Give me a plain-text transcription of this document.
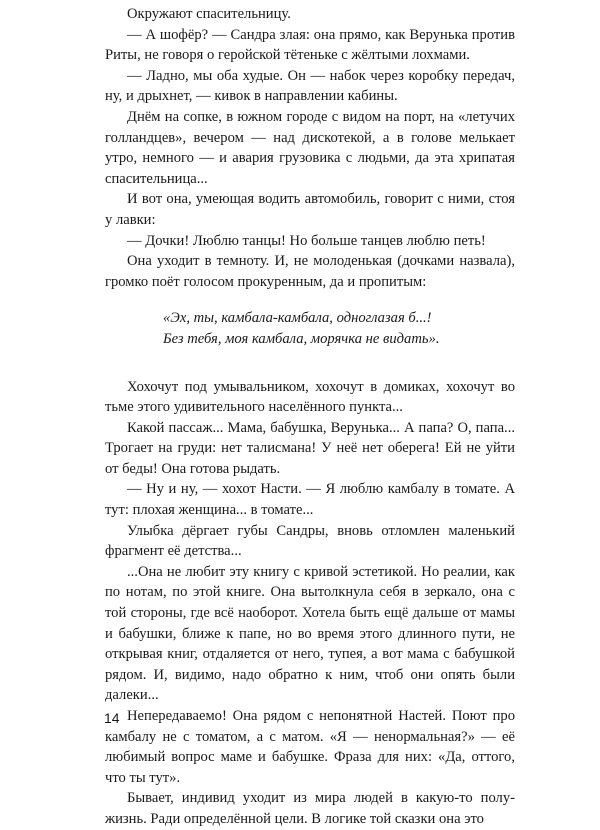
Окружают спасительницу.

— А шофёр? — Сандра злая: она прямо, как Верунька против Риты, не говоря о геройской тётеньке с жёлтыми лохмами.

— Ладно, мы оба худые. Он — набок через коробку передач, ну, и дрыхнет, — кивок в направлении кабины.

Днём на сопке, в южном городе с видом на порт, на «летучих голландцев», вечером — над дискотекой, а в голове мелькает утро, немного — и авария грузовика с людьми, да эта хрипатая спасительница...

И вот она, умеющая водить автомобиль, говорит с ними, стоя у лавки:

— Дочки! Люблю танцы! Но больше танцев люблю петь!

Она уходит в темноту. И, не молоденькая (дочками назвала), громко поёт голосом прокуренным, да и пропитым:

«Эх, ты, камбала-камбала, одноглазая б...!
Без тебя, моя камбала, морячка не видать».

Хохочут под умывальником, хохочут в домиках, хохочут во тьме этого удивительного населённого пункта...

Какой пассаж... Мама, бабушка, Верунька... А папа? О, папа... Трогает на груди: нет талисмана! У неё нет оберега! Ей не уйти от беды! Она готова рыдать.

— Ну и ну, — хохот Насти. — Я люблю камбалу в томате. А тут: плохая женщина... в томате...

Улыбка дёргает губы Сандры, вновь отломлен маленький фрагмент её детства...

...Она не любит эту книгу с кривой эстетикой. Но реалии, как по нотам, по этой книге. Она вытолкнула себя в зеркало, она с той стороны, где всё наоборот. Хотела быть ещё дальше от мамы и бабушки, ближе к папе, но во время этого длинного пути, не открывая книг, отдаляется от него, тупея, а вот мама с бабушкой рядом. И, видимо, надо обратно к ним, чтоб они опять были далеки...

Непередаваемо! Она рядом с непонятной Настей. Поют про камбалу не с томатом, а с матом. «Я — ненормальная?» — её любимый вопрос маме и бабушке. Фраза для них: «Да, оттого, что ты тут».

Бывает, индивид уходит из мира людей в какую-то полу-жизнь. Ради определённой цели. В логике той сказки она это

14
